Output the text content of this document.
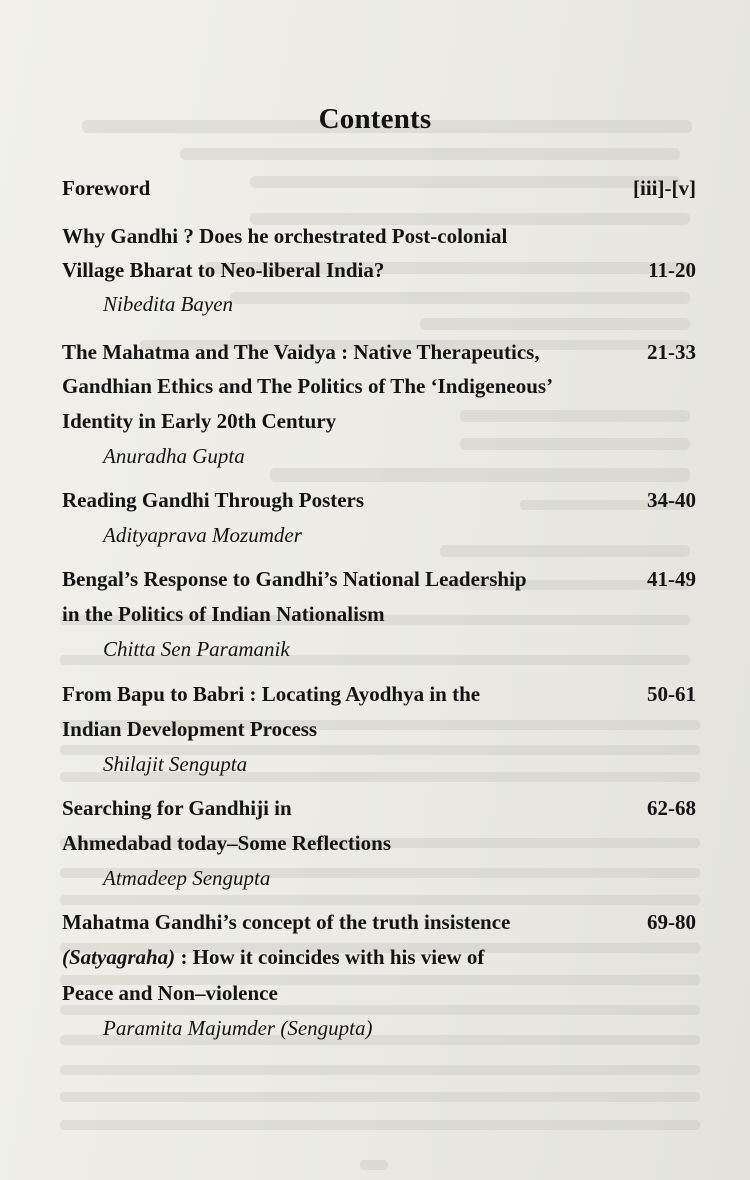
Contents
Foreword	[iii]-[v]
Why Gandhi ? Does he orchestrated Post-colonial
Village Bharat to Neo-liberal India?	11-20
Nibedita Bayen
The Mahatma and The Vaidya : Native Therapeutics,	21-33
Gandhian Ethics and The Politics of The ‘Indigeneous’
Identity in Early 20th Century
Anuradha Gupta
Reading Gandhi Through Posters	34-40
Adityaprava Mozumder
Bengal’s Response to Gandhi’s National Leadership	41-49
in the Politics of Indian Nationalism
Chitta Sen Paramanik
From Bapu to Babri : Locating Ayodhya in the	50-61
Indian Development Process
Shilajit Sengupta
Searching for Gandhiji in	62-68
Ahmedabad today–Some Reflections
Atmadeep Sengupta
Mahatma Gandhi’s concept of the truth insistence	69-80
(Satyagraha) : How it coincides with his view of
Peace and Non–violence
Paramita Majumder (Sengupta)
